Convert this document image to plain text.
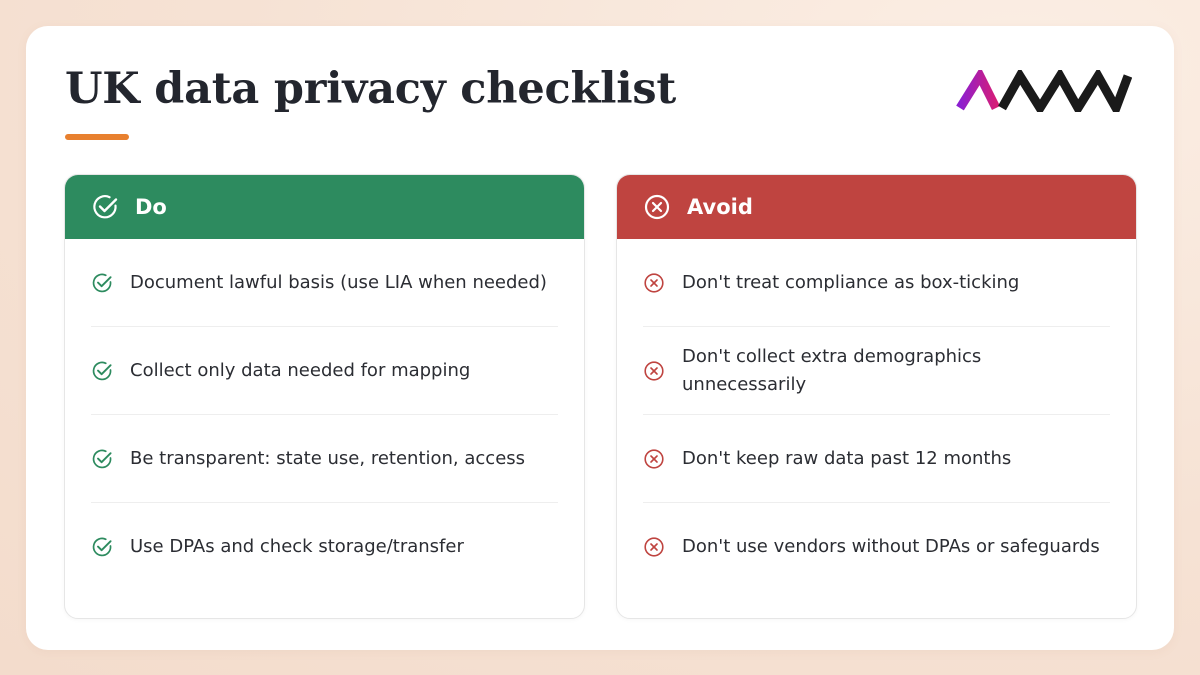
UK data privacy checklist
Do
Document lawful basis (use LIA when needed)
Collect only data needed for mapping
Be transparent: state use, retention, access
Use DPAs and check storage/transfer
Avoid
Don't treat compliance as box-ticking
Don't collect extra demographics unnecessarily
Don't keep raw data past 12 months
Don't use vendors without DPAs or safeguards
